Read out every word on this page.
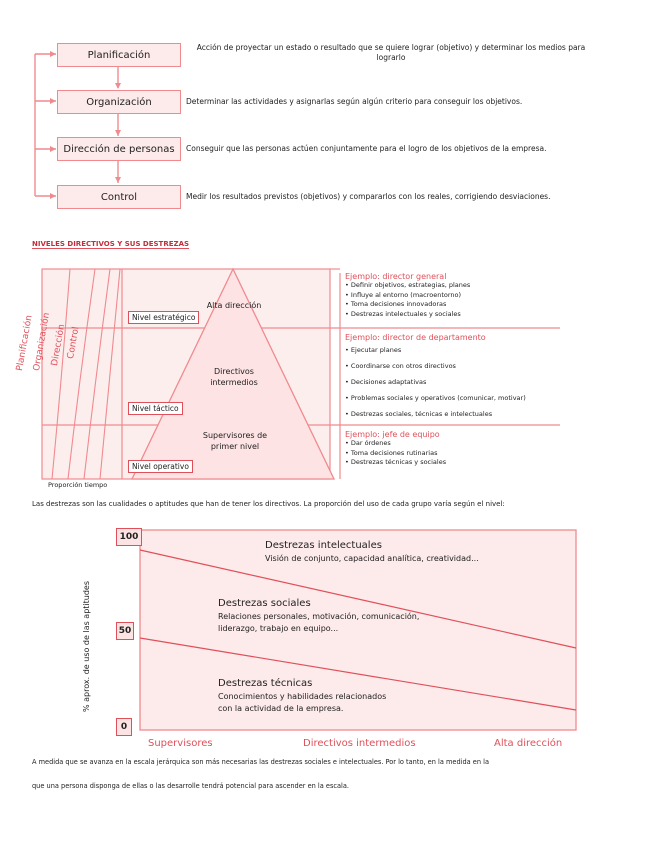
Planificación
Organización
Dirección de personas
Control
Acción de proyectar un estado o resultado que se quiere lograr (objetivo) y determinar los medios para lograrlo
Determinar las actividades y asignarlas según algún criterio para conseguir los objetivos.
Conseguir que las personas actúen conjuntamente para el logro de los objetivos de la empresa.
Medir los resultados previstos (objetivos) y compararlos con los reales, corrigiendo desviaciones.
NIVELES DIRECTIVOS Y SUS DESTREZAS
Planificación
Organización
Dirección
Control
Proporción tiempo
Alta dirección
Directivos intermedios
Supervisores de primer nivel
Nivel estratégico
Nivel táctico
Nivel operativo
Ejemplo: director general
• Definir objetivos, estrategias, planes
• Influye al entorno (macroentorno)
• Toma decisiones innovadoras
• Destrezas intelectuales y sociales
Ejemplo: director de departamento
• Ejecutar planes
• Coordinarse con otros directivos
• Decisiones adaptativas
• Problemas sociales y operativos (comunicar, motivar)
• Destrezas sociales, técnicas e intelectuales
Ejemplo: jefe de equipo
• Dar órdenes
• Toma decisiones rutinarias
• Destrezas técnicas y sociales
Las destrezas son las cualidades o aptitudes que han de tener los directivos. La proporción del uso de cada grupo varía según el nivel:
100
50
0
% aprox. de uso de las aptitudes
Destrezas intelectuales
Visión de conjunto, capacidad analítica, creatividad...
Destrezas sociales
Relaciones personales, motivación, comunicación,
liderazgo, trabajo en equipo...
Destrezas técnicas
Conocimientos y habilidades relacionados
con la actividad de la empresa.
Supervisores	Directivos intermedios	Alta dirección
A medida que se avanza en la escala jerárquica son más necesarias las destrezas sociales e intelectuales. Por lo tanto, en la medida en la
que una persona disponga de ellas o las desarrolle tendrá potencial para ascender en la escala.
